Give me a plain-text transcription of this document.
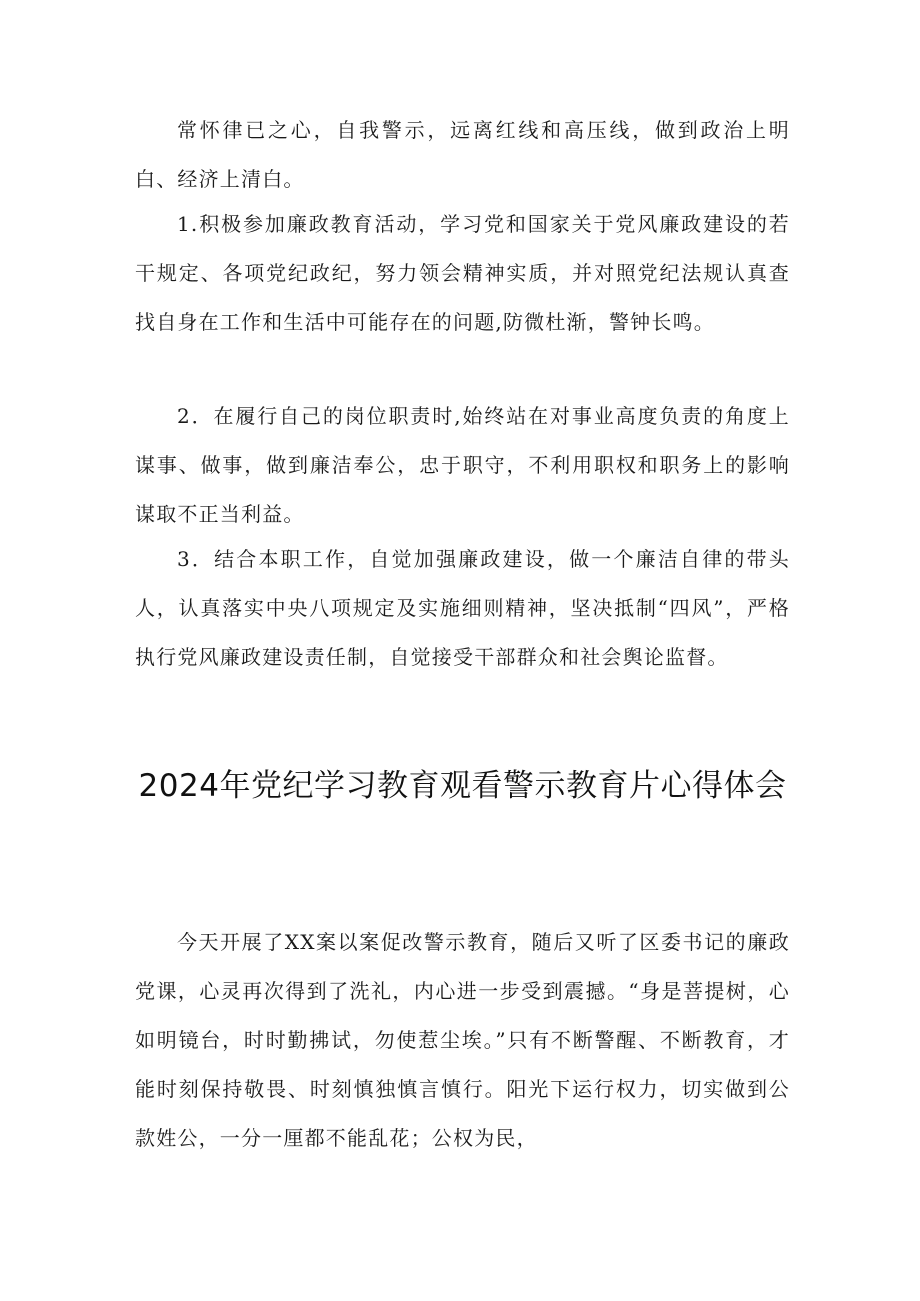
常怀律已之心，自我警示，远离红线和高压线，做到政治上明白、经济上清白。

1.积极参加廉政教育活动，学习党和国家关于党风廉政建设的若干规定、各项党纪政纪，努力领会精神实质，并对照党纪法规认真查找自身在工作和生活中可能存在的问题,防微杜渐，警钟长鸣。

2．在履行自己的岗位职责时,始终站在对事业高度负责的角度上谋事、做事，做到廉洁奉公，忠于职守，不利用职权和职务上的影响谋取不正当利益。

3．结合本职工作，自觉加强廉政建设，做一个廉洁自律的带头人，认真落实中央八项规定及实施细则精神，坚决抵制“四风”，严格执行党风廉政建设责任制，自觉接受干部群众和社会舆论监督。

2024年党纪学习教育观看警示教育片心得体会

今天开展了XX案以案促改警示教育，随后又听了区委书记的廉政党课，心灵再次得到了洗礼，内心进一步受到震撼。“身是菩提树，心如明镜台，时时勤拂试，勿使惹尘埃。”只有不断警醒、不断教育，才能时刻保持敬畏、时刻慎独慎言慎行。阳光下运行权力，切实做到公款姓公，一分一厘都不能乱花；公权为民，
